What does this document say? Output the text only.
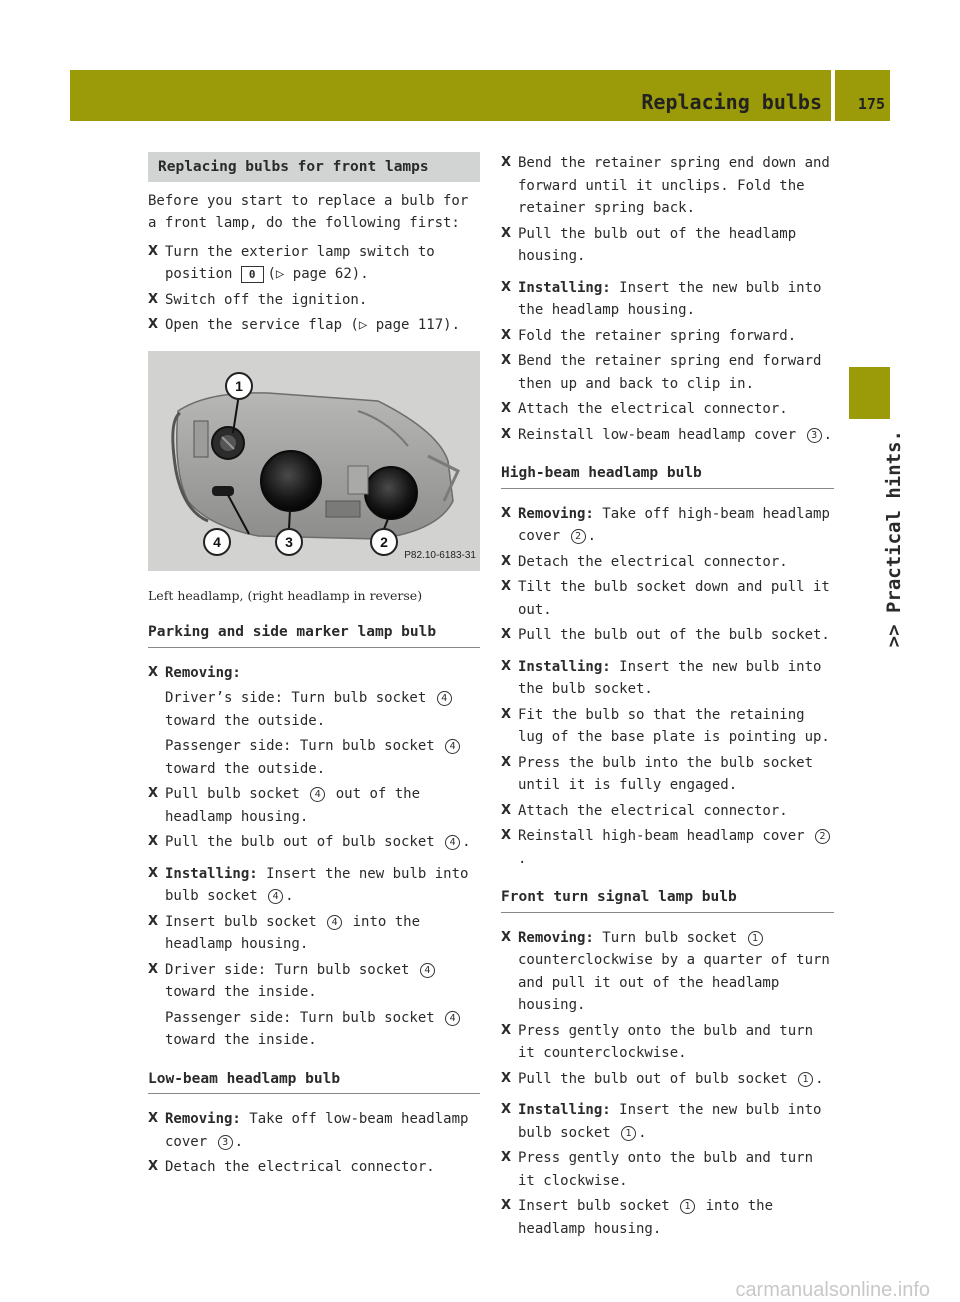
Replacing bulbs 175
>> Practical hints.
Replacing bulbs for front lamps

Before you start to replace a bulb for a front lamp, do the following first:

X Turn the exterior lamp switch to position 0 (▷ page 62).
X Switch off the ignition.
X Open the service flap (▷ page 117).
1
2
3
4
P82.10-6183-31
Left headlamp, (right headlamp in reverse)
Parking and side marker lamp bulb
X Removing:
Driver’s side: Turn bulb socket 4 toward the outside.
Passenger side: Turn bulb socket 4 toward the outside.
X Pull bulb socket 4 out of the headlamp housing.
X Pull the bulb out of bulb socket 4 .
X Installing: Insert the new bulb into bulb socket 4 .
X Insert bulb socket 4 into the headlamp housing.
X Driver side: Turn bulb socket 4 toward the inside.
Passenger side: Turn bulb socket 4 toward the inside.
Low-beam headlamp bulb
X Removing: Take off low-beam headlamp cover 3 .
X Detach the electrical connector.
X Bend the retainer spring end down and forward until it unclips. Fold the retainer spring back.
X Pull the bulb out of the headlamp housing.
X Installing: Insert the new bulb into the headlamp housing.
X Fold the retainer spring forward.
X Bend the retainer spring end forward then up and back to clip in.
X Attach the electrical connector.
X Reinstall low-beam headlamp cover 3 .
High-beam headlamp bulb
X Removing: Take off high-beam headlamp cover 2 .
X Detach the electrical connector.
X Tilt the bulb socket down and pull it out.
X Pull the bulb out of the bulb socket.
X Installing: Insert the new bulb into the bulb socket.
X Fit the bulb so that the retaining lug of the base plate is pointing up.
X Press the bulb into the bulb socket until it is fully engaged.
X Attach the electrical connector.
X Reinstall high-beam headlamp cover 2.
Front turn signal lamp bulb
X Removing: Turn bulb socket 1 counterclockwise by a quarter of turn and pull it out of the headlamp housing.
X Press gently onto the bulb and turn it counterclockwise.
X Pull the bulb out of bulb socket 1 .
X Installing: Insert the new bulb into bulb socket 1 .
X Press gently onto the bulb and turn it clockwise.
X Insert bulb socket 1 into the headlamp housing.
carmanualsonline.info
